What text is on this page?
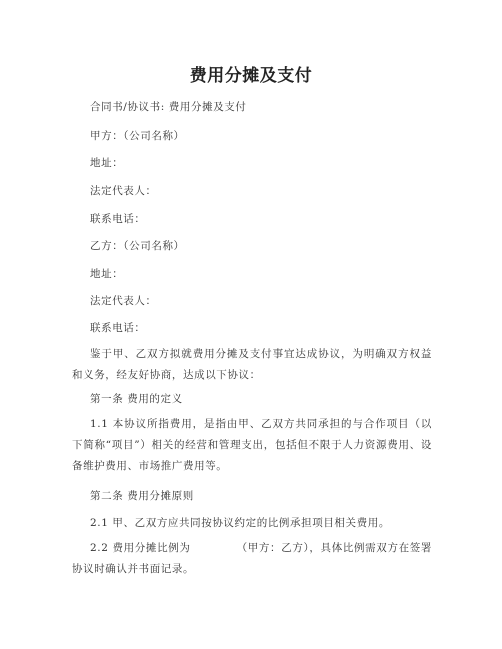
费用分摊及支付
合同书/协议书: 费用分摊及支付
甲方：（公司名称）
地址：
法定代表人：
联系电话：
乙方：（公司名称）
地址：
法定代表人：
联系电话：
鉴于甲、乙双方拟就费用分摊及支付事宜达成协议，为明确双方权益和义务，经友好协商，达成以下协议：
第一条 费用的定义
1.1 本协议所指费用，是指由甲、乙双方共同承担的与合作项目（以下简称“项目”）相关的经营和管理支出，包括但不限于人力资源费用、设备维护费用、市场推广费用等。
第二条 费用分摊原则
2.1 甲、乙双方应共同按协议约定的比例承担项目相关费用。
2.2 费用分摊比例为	（甲方：乙方），具体比例需双方在签署协议时确认并书面记录。
